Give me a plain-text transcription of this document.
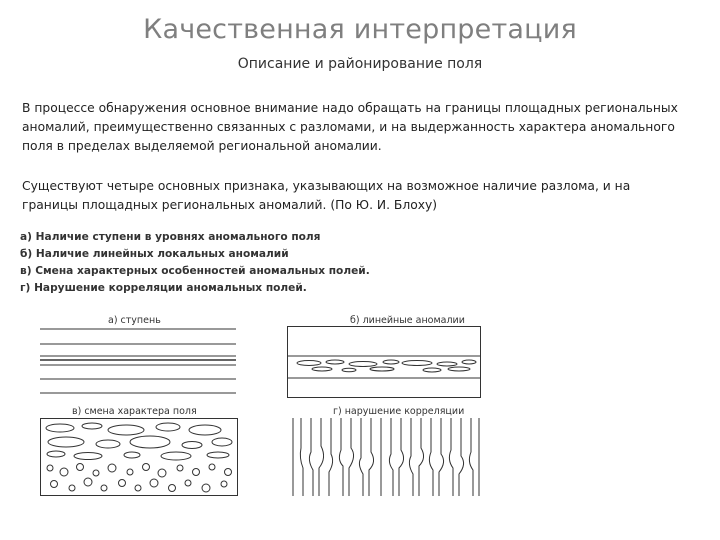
Качественная интерпретация
Описание и районирование поля
В процессе обнаружения основное внимание надо обращать на границы площадных региональных аномалий, преимущественно связанных с разломами, и на выдержанность характера аномального поля в пределах выделяемой региональной аномалии.
Существуют четыре основных признака, указывающих на возможное наличие разлома, и на границы площадных региональных аномалий. (По Ю. И. Блоху)
а) Наличие ступени в уровнях аномального поля
б) Наличие линейных локальных аномалий
в) Смена характерных особенностей аномальных полей.
г) Нарушение корреляции аномальных полей.
а) ступень	б) линейные аномалии
в) смена характера поля	г) нарушение корреляции
